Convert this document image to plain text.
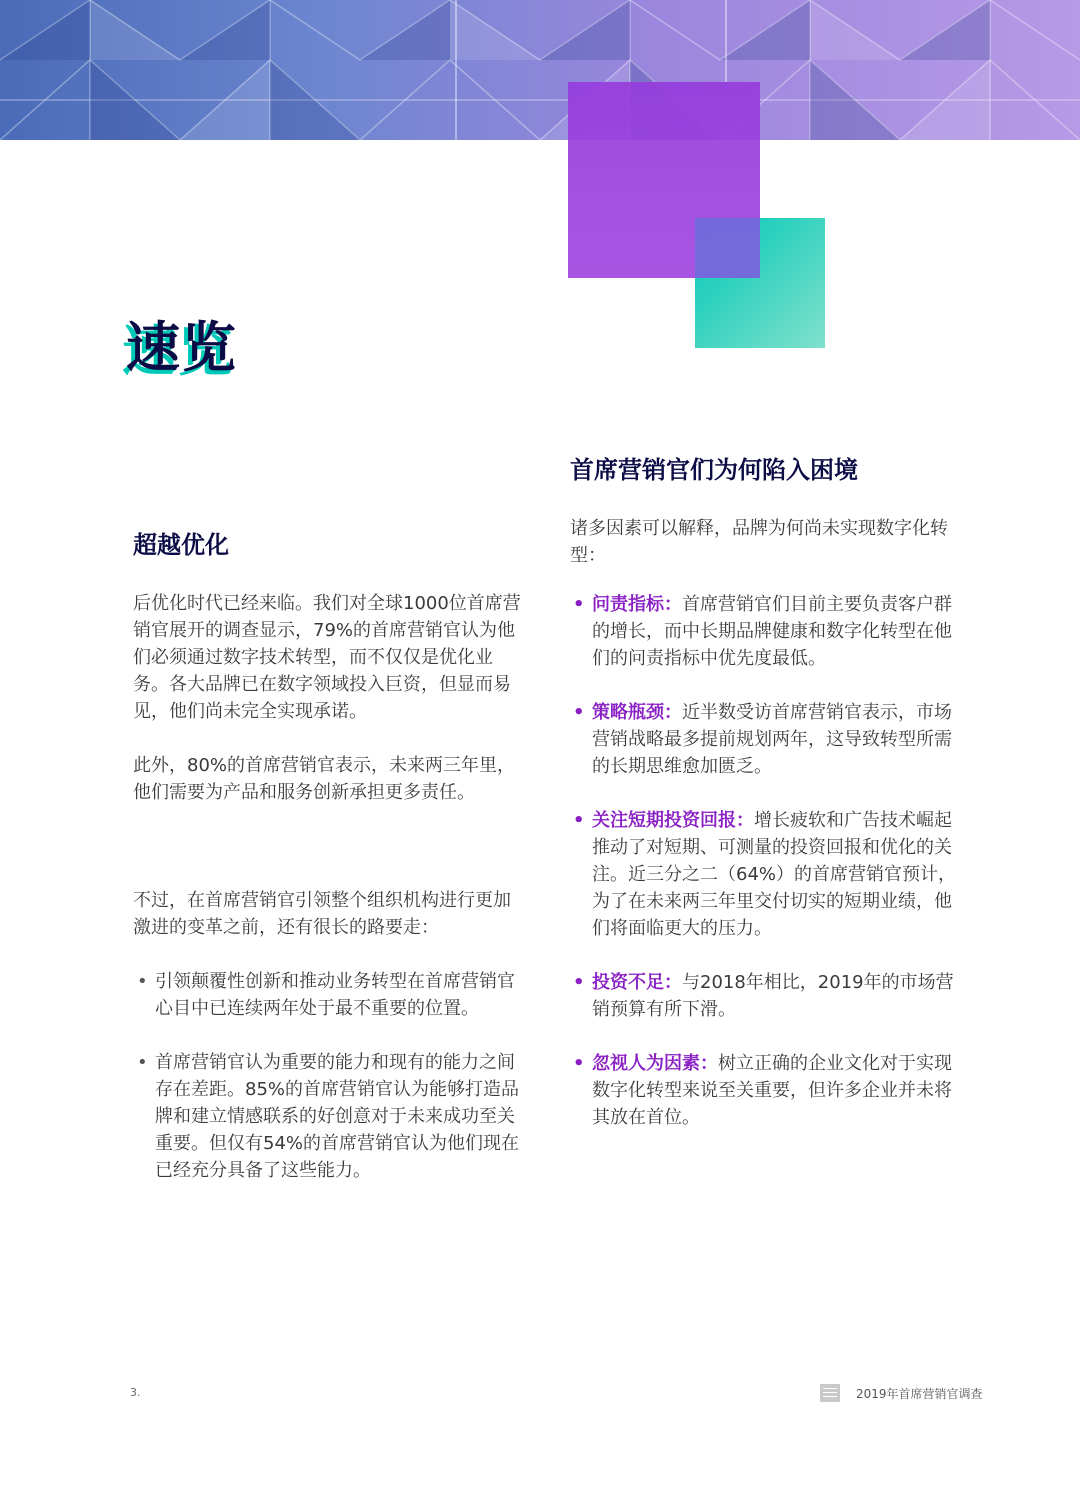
速览
超越优化

后优化时代已经来临。我们对全球1000位首席营销官展开的调查显示，79%的首席营销官认为他们必须通过数字技术转型，而不仅仅是优化业务。各大品牌已在数字领域投入巨资，但显而易见，他们尚未完全实现承诺。

此外，80%的首席营销官表示，未来两三年里，他们需要为产品和服务创新承担更多责任。

不过，在首席营销官引领整个组织机构进行更加激进的变革之前，还有很长的路要走：

• 引领颠覆性创新和推动业务转型在首席营销官心目中已连续两年处于最不重要的位置。
• 首席营销官认为重要的能力和现有的能力之间存在差距。85%的首席营销官认为能够打造品牌和建立情感联系的好创意对于未来成功至关重要。但仅有54%的首席营销官认为他们现在已经充分具备了这些能力。
首席营销官们为何陷入困境

诸多因素可以解释，品牌为何尚未实现数字化转型：

• 问责指标：首席营销官们目前主要负责客户群的增长，而中长期品牌健康和数字化转型在他们的问责指标中优先度最低。
• 策略瓶颈：近半数受访首席营销官表示，市场营销战略最多提前规划两年，这导致转型所需的长期思维愈加匮乏。
• 关注短期投资回报：增长疲软和广告技术崛起推动了对短期、可测量的投资回报和优化的关注。近三分之二（64%）的首席营销官预计，为了在未来两三年里交付切实的短期业绩，他们将面临更大的压力。
• 投资不足：与2018年相比，2019年的市场营销预算有所下滑。
• 忽视人为因素：树立正确的企业文化对于实现数字化转型来说至关重要，但许多企业并未将其放在首位。
3.	2019年首席营销官调查
